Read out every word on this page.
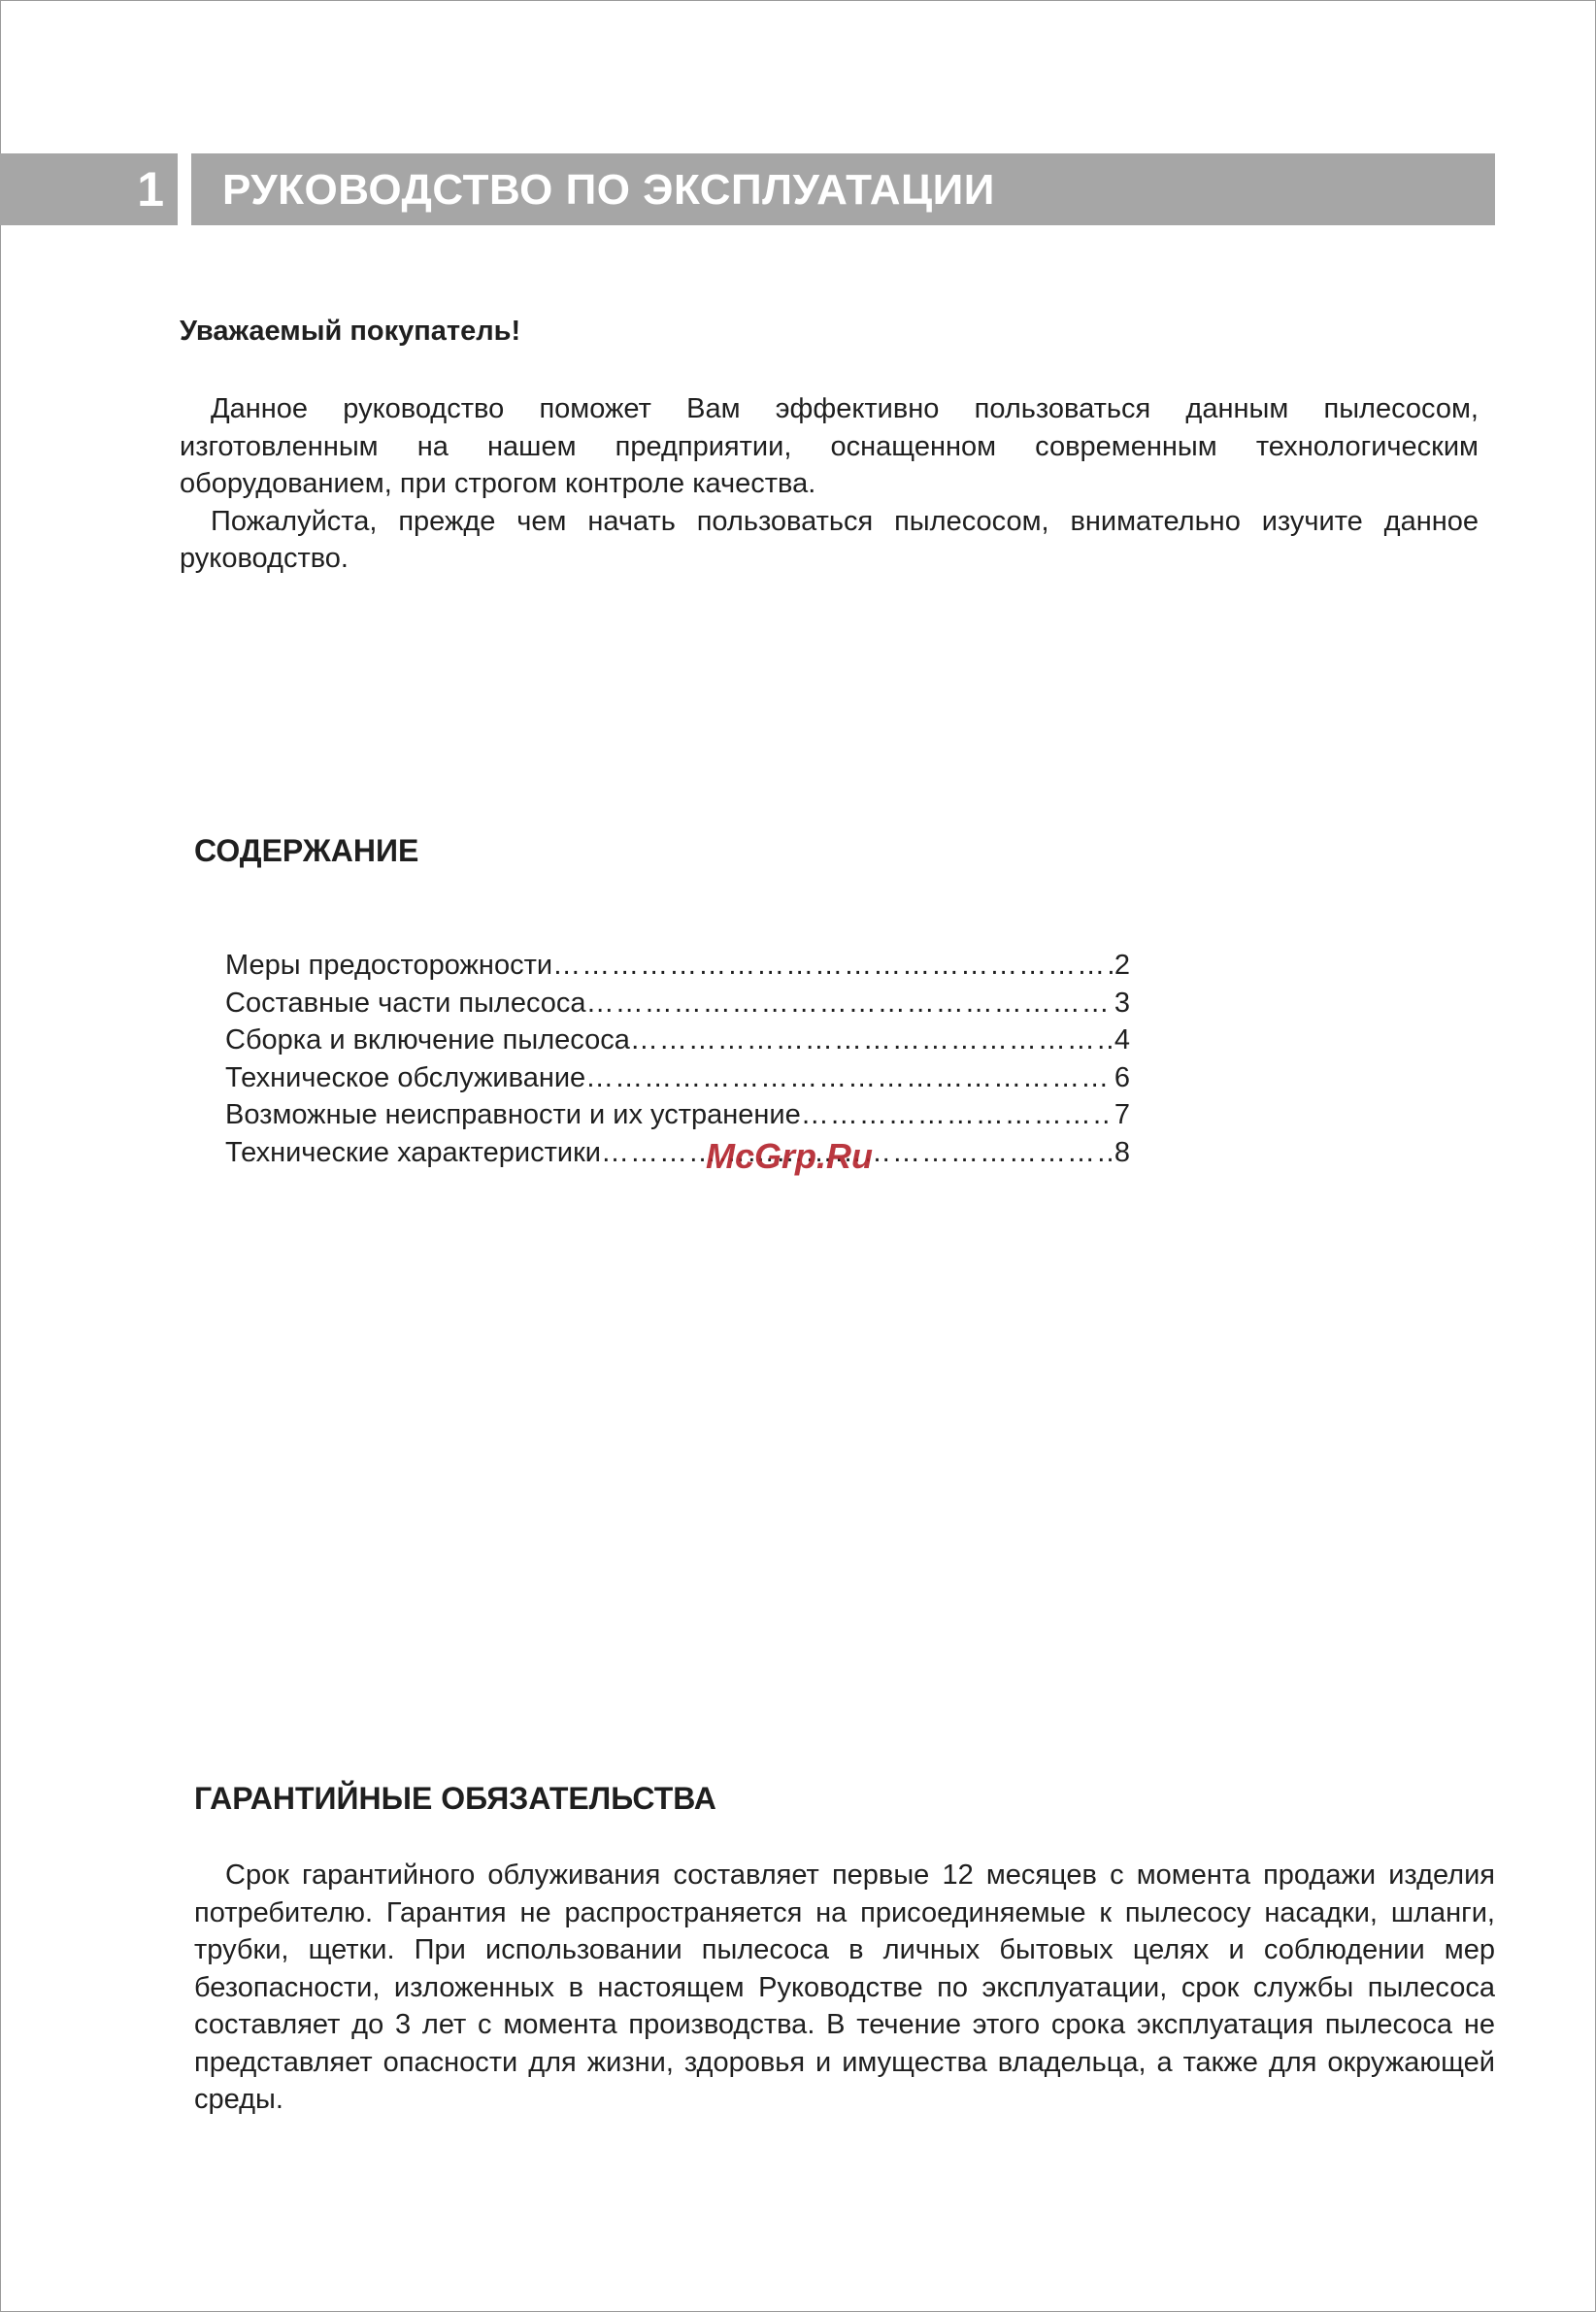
1 РУКОВОДСТВО ПО ЭКСПЛУАТАЦИИ
Уважаемый покупатель!

Данное руководство поможет Вам эффективно пользоваться данным пылесосом, изготовленным на нашем предприятии, оснащенном современным технологическим оборудованием, при строгом контроле качества.

Пожалуйста, прежде чем начать пользоваться пылесосом, внимательно изучите данное руководство.

СОДЕРЖАНИЕ
Меры предосторожности ……………………………………………………………………………………………………………………………………	2
Составные части пылесоса ……………………………………………………………………………………………………………………………………	3
Сборка и включение пылесоса ……………………………………………………………………………………………………………………………………	4
Техническое обслуживание ……………………………………………………………………………………………………………………………………	6
Возможные неисправности и их устранение ……………………………………………………………………………………………………………………………………	7
Технические характеристики ……………………………………………………………………………………………………………………………………	8
McGrp.Ru
ГАРАНТИЙНЫЕ ОБЯЗАТЕЛЬСТВА

Срок гарантийного облуживания составляет первые 12 месяцев с момента продажи изделия потребителю. Гарантия не распространяется на присоединяемые к пылесосу насадки, шланги, трубки, щетки. При использовании пылесоса в личных бытовых целях и соблюдении мер безопасности, изложенных в настоящем Руководстве по эксплуатации, срок службы пылесоса составляет до 3 лет с момента производства. В течение этого срока эксплуатация пылесоса не представляет опасности для жизни, здоровья и имущества владельца, а также для окружающей среды.
